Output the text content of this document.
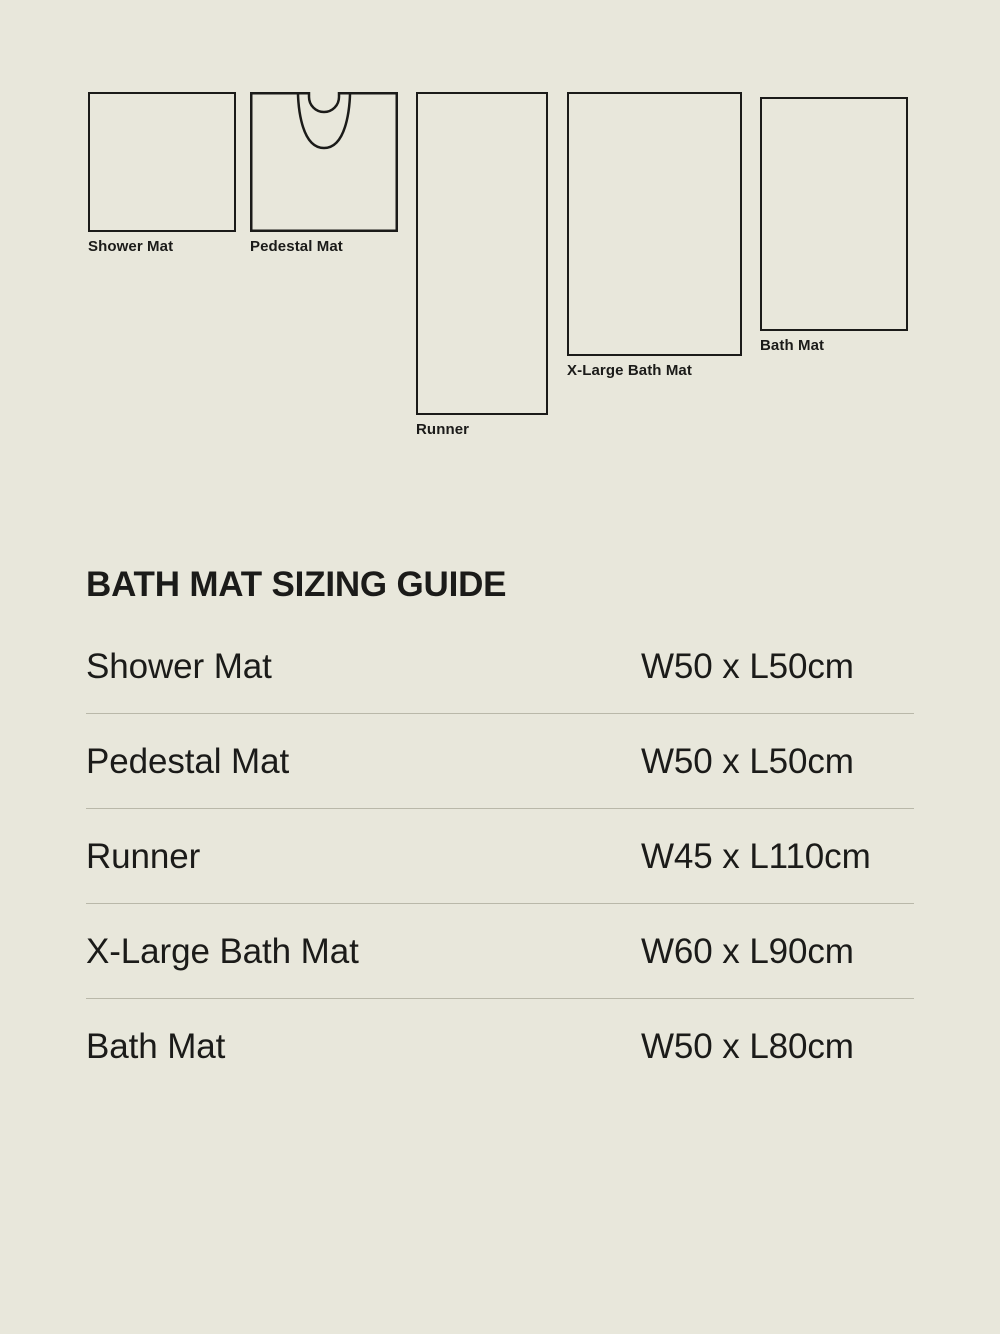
Shower Mat	Pedestal Mat
Runner
X-Large Bath Mat
Bath Mat
BATH MAT SIZING GUIDE
Shower Mat	W50 x L50cm
Pedestal Mat	W50 x L50cm
Runner	W45 x L110cm
X-Large Bath Mat	W60 x L90cm
Bath Mat	W50 x L80cm
